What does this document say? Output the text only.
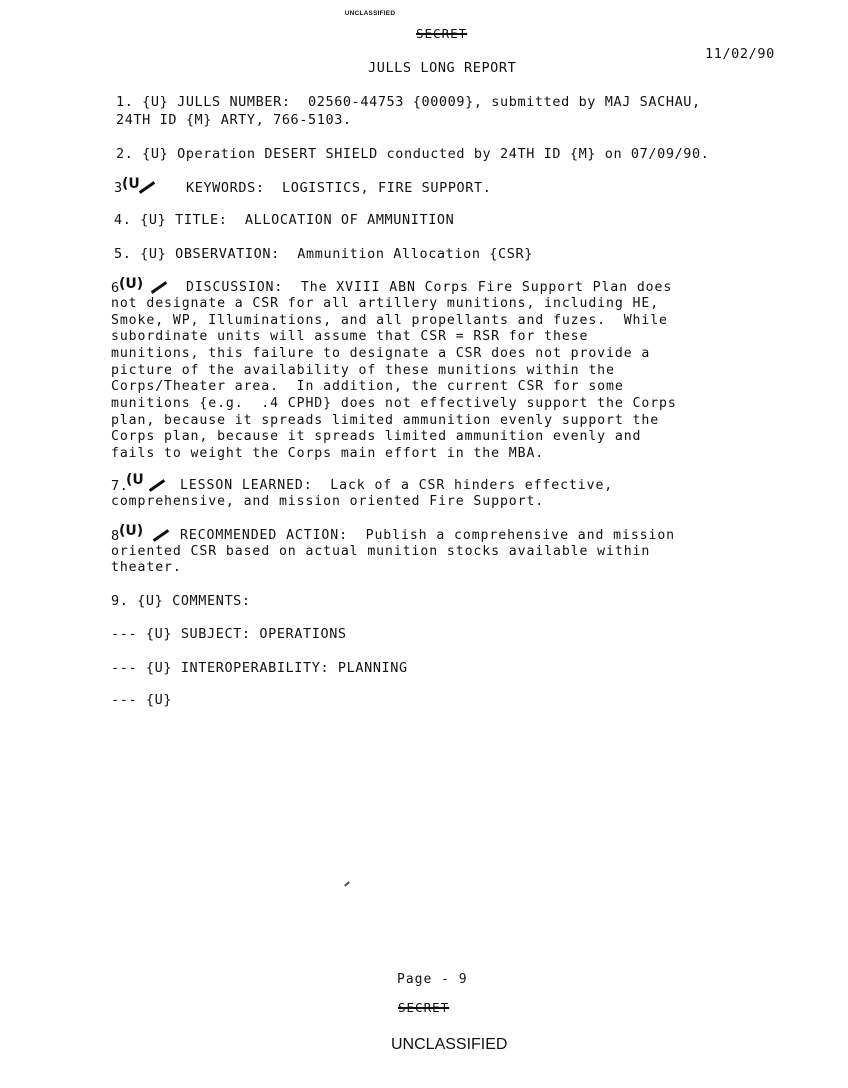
UNCLASSIFIED
SECRET
11/02/90
JULLS LONG REPORT
1. {U} JULLS NUMBER:  02560-44753 {00009}, submitted by MAJ SACHAU,
24TH ID {M} ARTY, 766-5103.
2. {U} Operation DESERT SHIELD conducted by 24TH ID {M} on 07/09/90.
3 (U	KEYWORDS:  LOGISTICS, FIRE SUPPORT.
4. {U} TITLE:  ALLOCATION OF AMMUNITION
5. {U} OBSERVATION:  Ammunition Allocation {CSR}
6 (U)	DISCUSSION:  The XVIII ABN Corps Fire Support Plan does
not designate a CSR for all artillery munitions, including HE,
Smoke, WP, Illuminations, and all propellants and fuzes.  While
subordinate units will assume that CSR = RSR for these
munitions, this failure to designate a CSR does not provide a
picture of the availability of these munitions within the
Corps/Theater area.  In addition, the current CSR for some
munitions {e.g.  .4 CPHD} does not effectively support the Corps
plan, because it spreads limited ammunition evenly support the
Corps plan, because it spreads limited ammunition evenly and
fails to weight the Corps main effort in the MBA.
7.
(U	LESSON LEARNED:  Lack of a CSR hinders effective,
comprehensive, and mission oriented Fire Support.
8 (U)	RECOMMENDED ACTION:  Publish a comprehensive and mission
oriented CSR based on actual munition stocks available within
theater.
9. {U} COMMENTS:
--- {U} SUBJECT: OPERATIONS
--- {U} INTEROPERABILITY: PLANNING
--- {U}
Page - 9
SECRET
UNCLASSIFIED
